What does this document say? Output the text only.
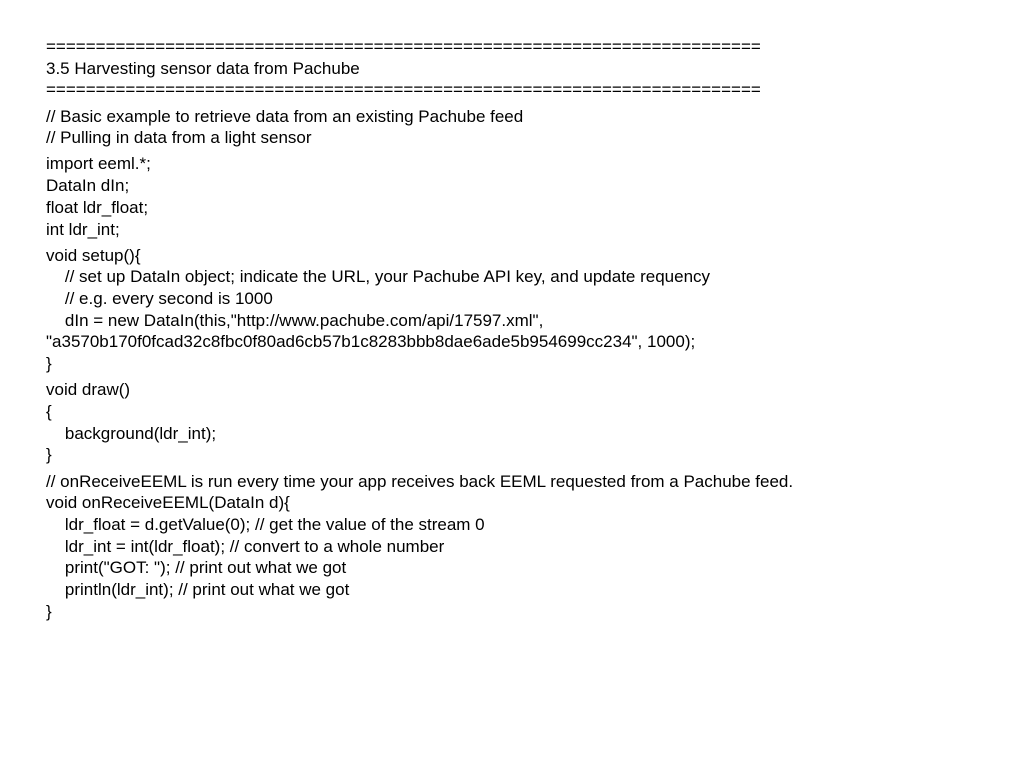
========================================================================
3.5 Harvesting sensor data from Pachube
========================================================================
// Basic example to retrieve data from an existing Pachube feed
// Pulling in data from a light sensor
import eeml.*;
DataIn dIn;
float ldr_float;
int ldr_int;
void setup(){
// set up DataIn object; indicate the URL, your Pachube API key, and update requency
// e.g. every second is 1000
dIn = new DataIn(this,"http://www.pachube.com/api/17597.xml",
"a3570b170f0fcad32c8fbc0f80ad6cb57b1c8283bbb8dae6ade5b954699cc234", 1000);
}
void draw()
{
background(ldr_int);
}
// onReceiveEEML is run every time your app receives back EEML requested from a Pachube feed.
void onReceiveEEML(DataIn d){
ldr_float = d.getValue(0); // get the value of the stream 0
ldr_int = int(ldr_float); // convert to a whole number
print("GOT: "); // print out what we got
println(ldr_int); // print out what we got
}
